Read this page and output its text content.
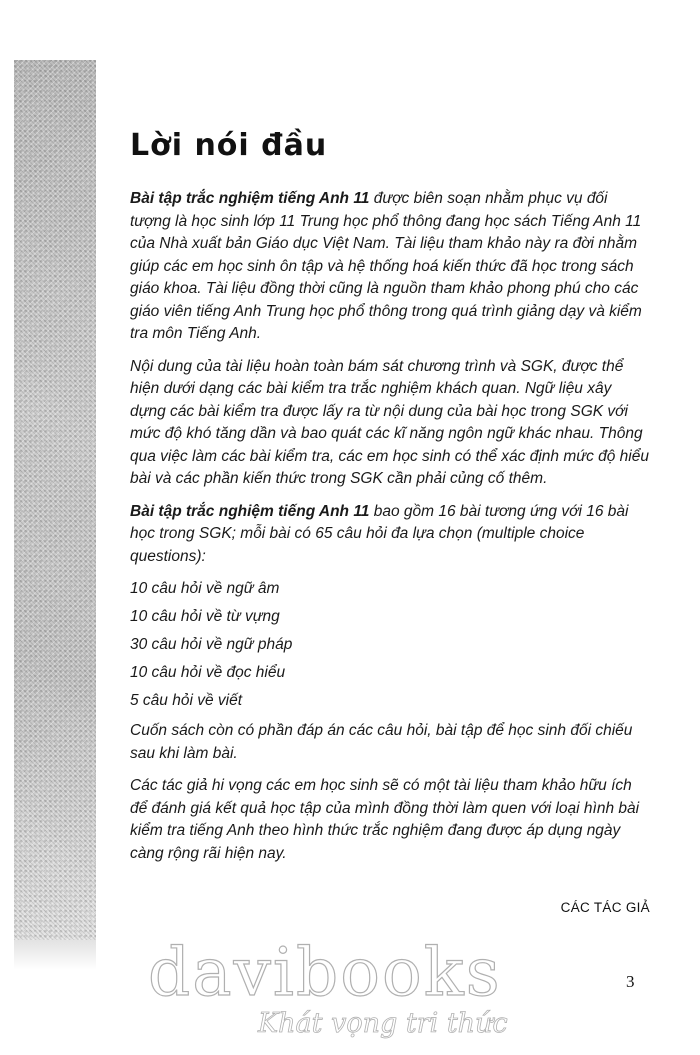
Lời nói đầu

Bài tập trắc nghiệm tiếng Anh 11 được biên soạn nhằm phục vụ đối tượng là học sinh lớp 11 Trung học phổ thông đang học sách Tiếng Anh 11 của Nhà xuất bản Giáo dục Việt Nam. Tài liệu tham khảo này ra đời nhằm giúp các em học sinh ôn tập và hệ thống hoá kiến thức đã học trong sách giáo khoa. Tài liệu đồng thời cũng là nguồn tham khảo phong phú cho các giáo viên tiếng Anh Trung học phổ thông trong quá trình giảng dạy và kiểm tra môn Tiếng Anh.

Nội dung của tài liệu hoàn toàn bám sát chương trình và SGK, được thể hiện dưới dạng các bài kiểm tra trắc nghiệm khách quan. Ngữ liệu xây dựng các bài kiểm tra được lấy ra từ nội dung của bài học trong SGK với mức độ khó tăng dần và bao quát các kĩ năng ngôn ngữ khác nhau. Thông qua việc làm các bài kiểm tra, các em học sinh có thể xác định mức độ hiểu bài và các phần kiến thức trong SGK cần phải củng cố thêm.

Bài tập trắc nghiệm tiếng Anh 11 bao gồm 16 bài tương ứng với 16 bài học trong SGK; mỗi bài có 65 câu hỏi đa lựa chọn (multiple choice questions):

10 câu hỏi về ngữ âm

10 câu hỏi về từ vựng

30 câu hỏi về ngữ pháp

10 câu hỏi về đọc hiểu

5 câu hỏi về viết

Cuốn sách còn có phần đáp án các câu hỏi, bài tập để học sinh đối chiếu sau khi làm bài.

Các tác giả hi vọng các em học sinh sẽ có một tài liệu tham khảo hữu ích để đánh giá kết quả học tập của mình đồng thời làm quen với loại hình bài kiểm tra tiếng Anh theo hình thức trắc nghiệm đang được áp dụng ngày càng rộng rãi hiện nay.

CÁC TÁC GIẢ
davibooks
Khát vọng tri thức
3
